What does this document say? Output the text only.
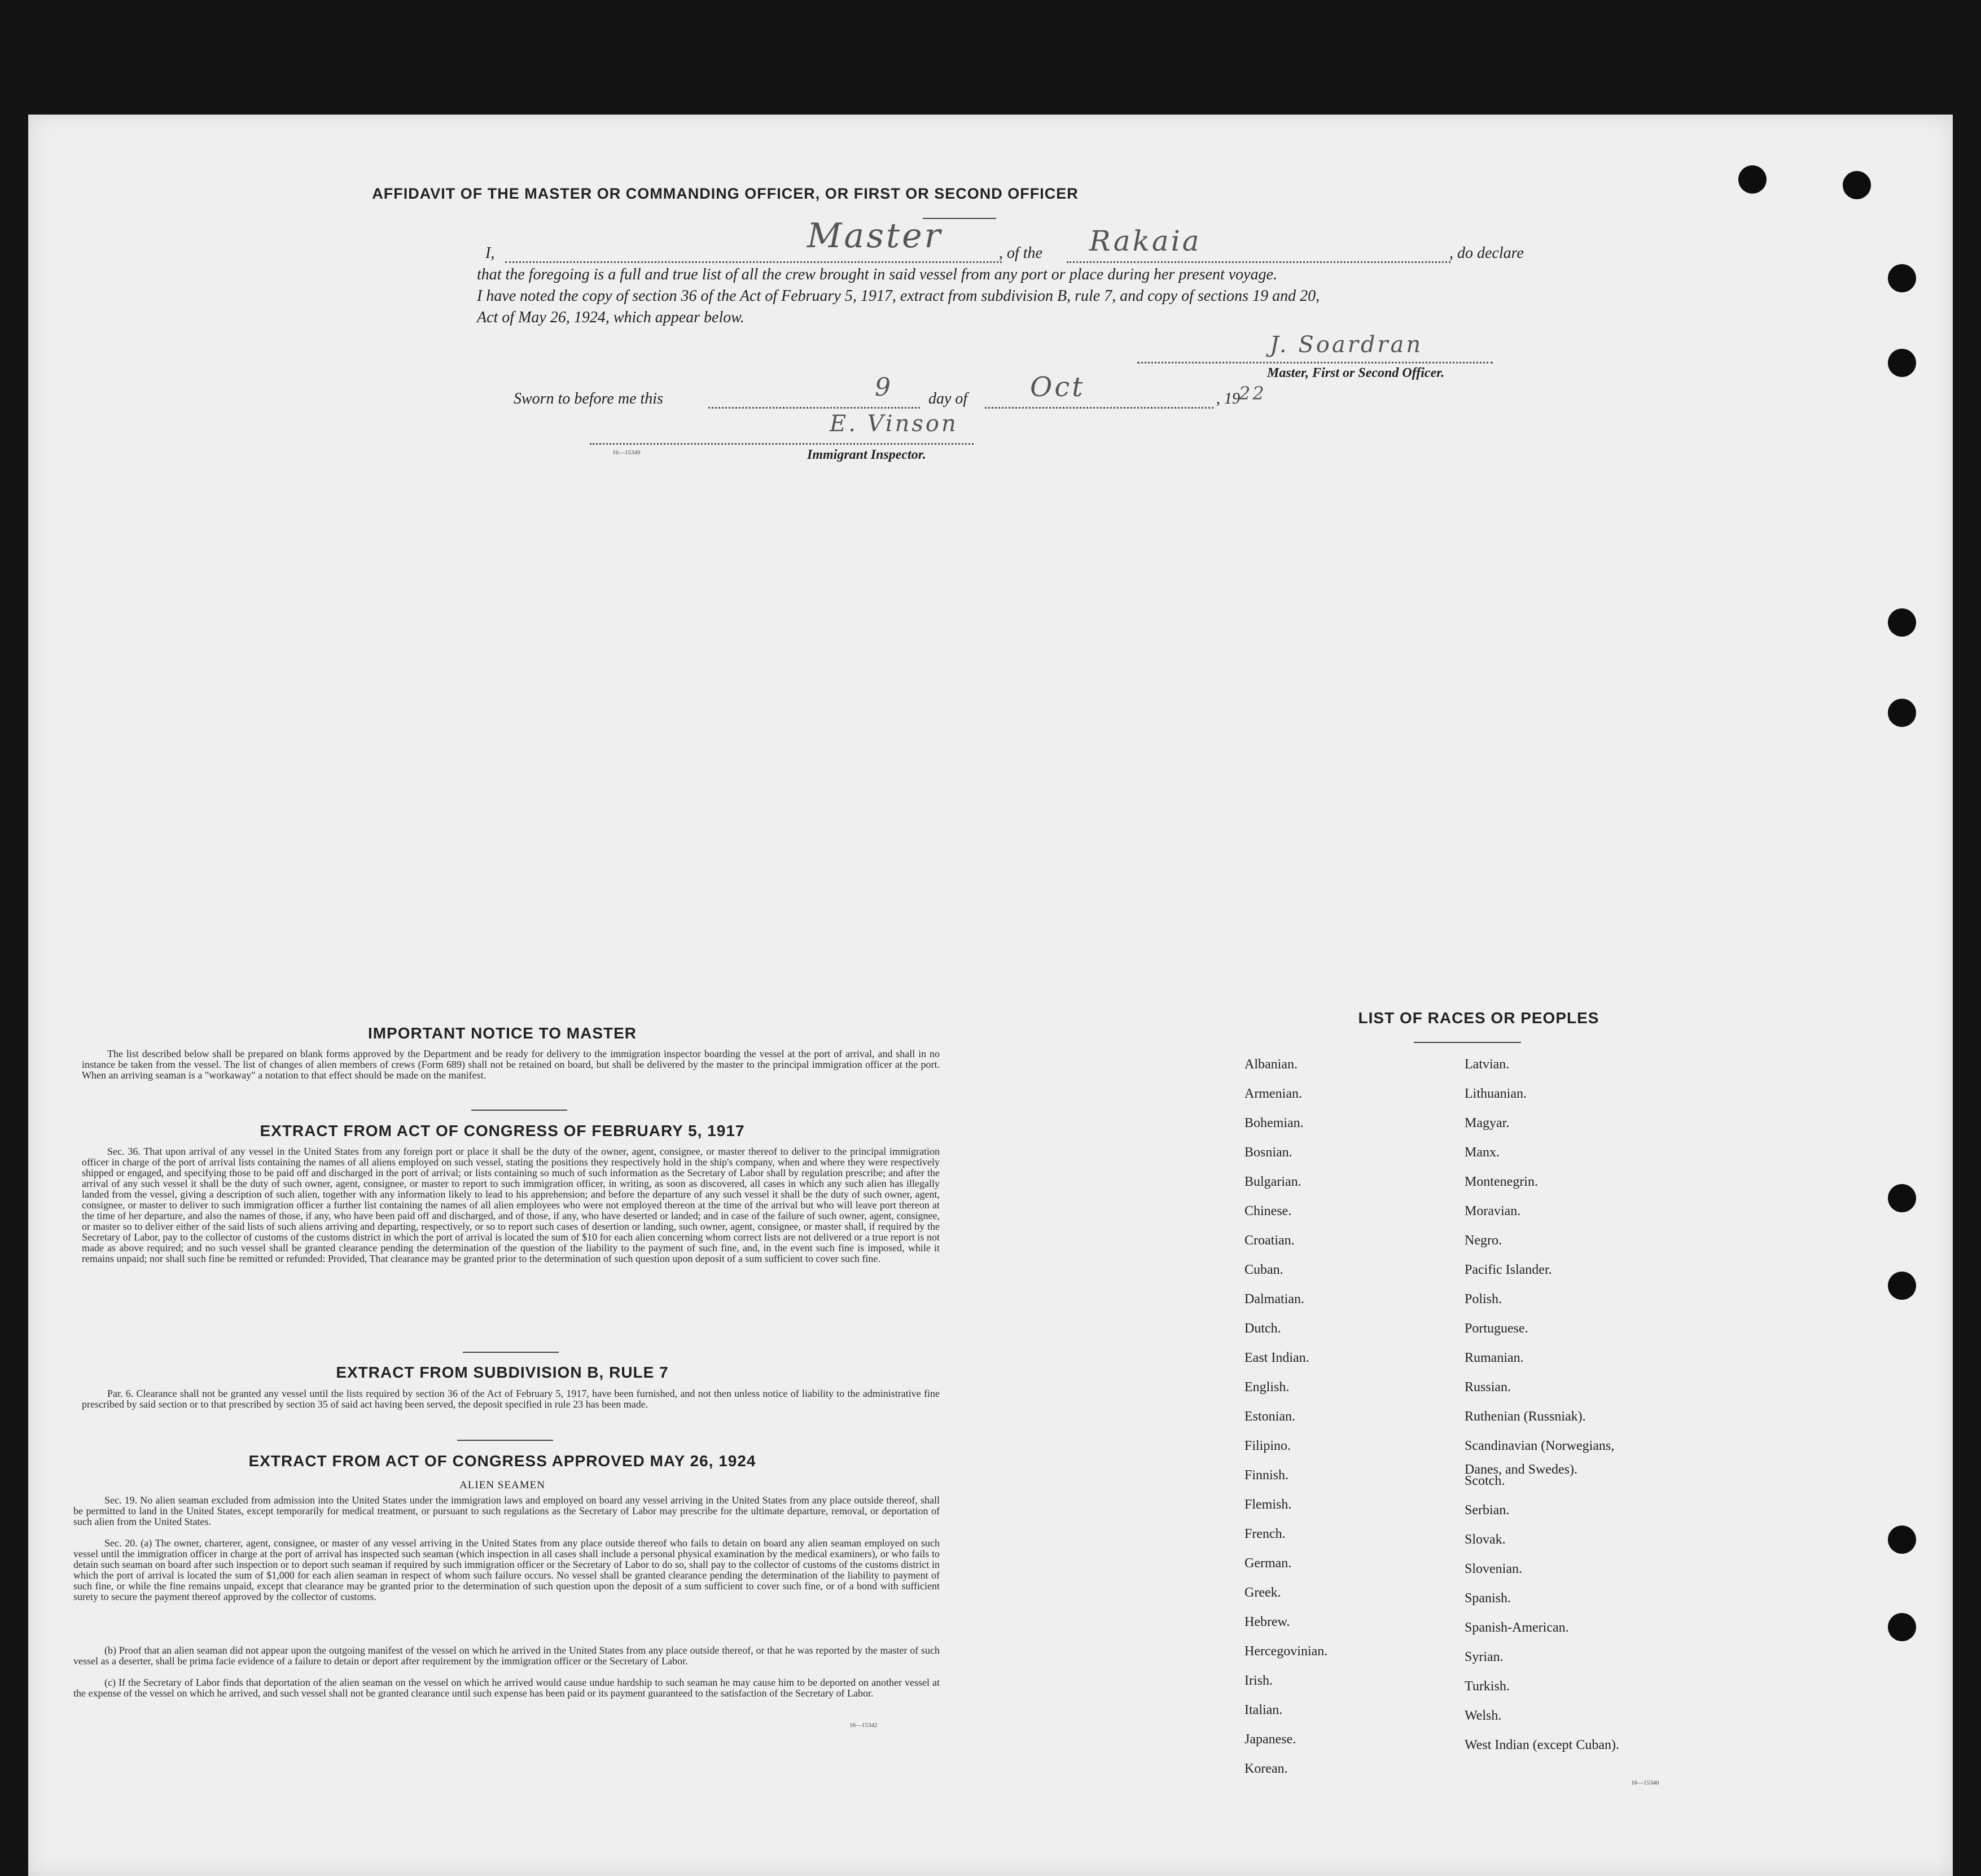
AFFIDAVIT OF THE MASTER OR COMMANDING OFFICER, OR FIRST OR SECOND OFFICER
I,	Master	, of the Rakaia	, do declare
that the foregoing is a full and true list of all the crew brought in said vessel from any port or place during her present voyage.
I have noted the copy of section 36 of the Act of February 5, 1917, extract from subdivision B, rule 7, and copy of sections 19 and 20,
Act of May 26, 1924, which appear below.
J. Soardran
Master, First or Second Officer.
Sworn to before me this	9 day of Oct	, 19
22
E. Vinson
16—15349	Immigrant Inspector.
IMPORTANT NOTICE TO MASTER
The list described below shall be prepared on blank forms approved by the Department and be ready for delivery to the immigration inspector boarding the vessel at the port of arrival, and shall in no instance be taken from the vessel. The list of changes of alien members of crews (Form 689) shall not be retained on board, but shall be delivered by the master to the principal immigration officer at the port. When an arriving seaman is a "workaway" a notation to that effect should be made on the manifest.
EXTRACT FROM ACT OF CONGRESS OF FEBRUARY 5, 1917
Sec. 36. That upon arrival of any vessel in the United States from any foreign port or place it shall be the duty of the owner, agent, consignee, or master thereof to deliver to the principal immigration officer in charge of the port of arrival lists containing the names of all aliens employed on such vessel, stating the positions they respectively hold in the ship's company, when and where they were respectively shipped or engaged, and specifying those to be paid off and discharged in the port of arrival; or lists containing so much of such information as the Secretary of Labor shall by regulation prescribe; and after the arrival of any such vessel it shall be the duty of such owner, agent, consignee, or master to report to such immigration officer, in writing, as soon as discovered, all cases in which any such alien has illegally landed from the vessel, giving a description of such alien, together with any information likely to lead to his apprehension; and before the departure of any such vessel it shall be the duty of such owner, agent, consignee, or master to deliver to such immigration officer a further list containing the names of all alien employees who were not employed thereon at the time of the arrival but who will leave port thereon at the time of her departure, and also the names of those, if any, who have been paid off and discharged, and of those, if any, who have deserted or landed; and in case of the failure of such owner, agent, consignee, or master so to deliver either of the said lists of such aliens arriving and departing, respectively, or so to report such cases of desertion or landing, such owner, agent, consignee, or master shall, if required by the Secretary of Labor, pay to the collector of customs of the customs district in which the port of arrival is located the sum of $10 for each alien concerning whom correct lists are not delivered or a true report is not made as above required; and no such vessel shall be granted clearance pending the determination of the question of the liability to the payment of such fine, and, in the event such fine is imposed, while it remains unpaid; nor shall such fine be remitted or refunded: Provided, That clearance may be granted prior to the determination of such question upon deposit of a sum sufficient to cover such fine.
EXTRACT FROM SUBDIVISION B, RULE 7
Par. 6. Clearance shall not be granted any vessel until the lists required by section 36 of the Act of February 5, 1917, have been furnished, and not then unless notice of liability to the administrative fine prescribed by said section or to that prescribed by section 35 of said act having been served, the deposit specified in rule 23 has been made.
EXTRACT FROM ACT OF CONGRESS APPROVED MAY 26, 1924
ALIEN SEAMEN
Sec. 19. No alien seaman excluded from admission into the United States under the immigration laws and employed on board any vessel arriving in the United States from any place outside thereof, shall be permitted to land in the United States, except temporarily for medical treatment, or pursuant to such regulations as the Secretary of Labor may prescribe for the ultimate departure, removal, or deportation of such alien from the United States.
Sec. 20. (a) The owner, charterer, agent, consignee, or master of any vessel arriving in the United States from any place outside thereof who fails to detain on board any alien seaman employed on such vessel until the immigration officer in charge at the port of arrival has inspected such seaman (which inspection in all cases shall include a personal physical examination by the medical examiners), or who fails to detain such seaman on board after such inspection or to deport such seaman if required by such immigration officer or the Secretary of Labor to do so, shall pay to the collector of customs of the customs district in which the port of arrival is located the sum of $1,000 for each alien seaman in respect of whom such failure occurs. No vessel shall be granted clearance pending the determination of the liability to payment of such fine, or while the fine remains unpaid, except that clearance may be granted prior to the determination of such question upon the deposit of a sum sufficient to cover such fine, or of a bond with sufficient surety to secure the payment thereof approved by the collector of customs.
(b) Proof that an alien seaman did not appear upon the outgoing manifest of the vessel on which he arrived in the United States from any place outside thereof, or that he was reported by the master of such vessel as a deserter, shall be prima facie evidence of a failure to detain or deport after requirement by the immigration officer or the Secretary of Labor.
(c) If the Secretary of Labor finds that deportation of the alien seaman on the vessel on which he arrived would cause undue hardship to such seaman he may cause him to be deported on another vessel at the expense of the vessel on which he arrived, and such vessel shall not be granted clearance until such expense has been paid or its payment guaranteed to the satisfaction of the Secretary of Labor.
16—15342
LIST OF RACES OR PEOPLES
Danes, and Swedes).
16—15340
Albanian.
Armenian.
Bohemian.
Bosnian.
Bulgarian.
Chinese.
Croatian.
Cuban.
Dalmatian.
Dutch.
East Indian.
English.
Estonian.
Filipino.
Finnish.
Flemish.
French.
German.
Greek.
Hebrew.
Hercegovinian.
Irish.
Italian.
Japanese.
Korean.
Latvian.
Lithuanian.
Magyar.
Manx.
Montenegrin.
Moravian.
Negro.
Pacific Islander.
Polish.
Portuguese.
Rumanian.
Russian.
Ruthenian (Russniak).
Scandinavian (Norwegians,
Scotch.
Serbian.
Slovak.
Slovenian.
Spanish.
Spanish-American.
Syrian.
Turkish.
Welsh.
West Indian (except Cuban).
